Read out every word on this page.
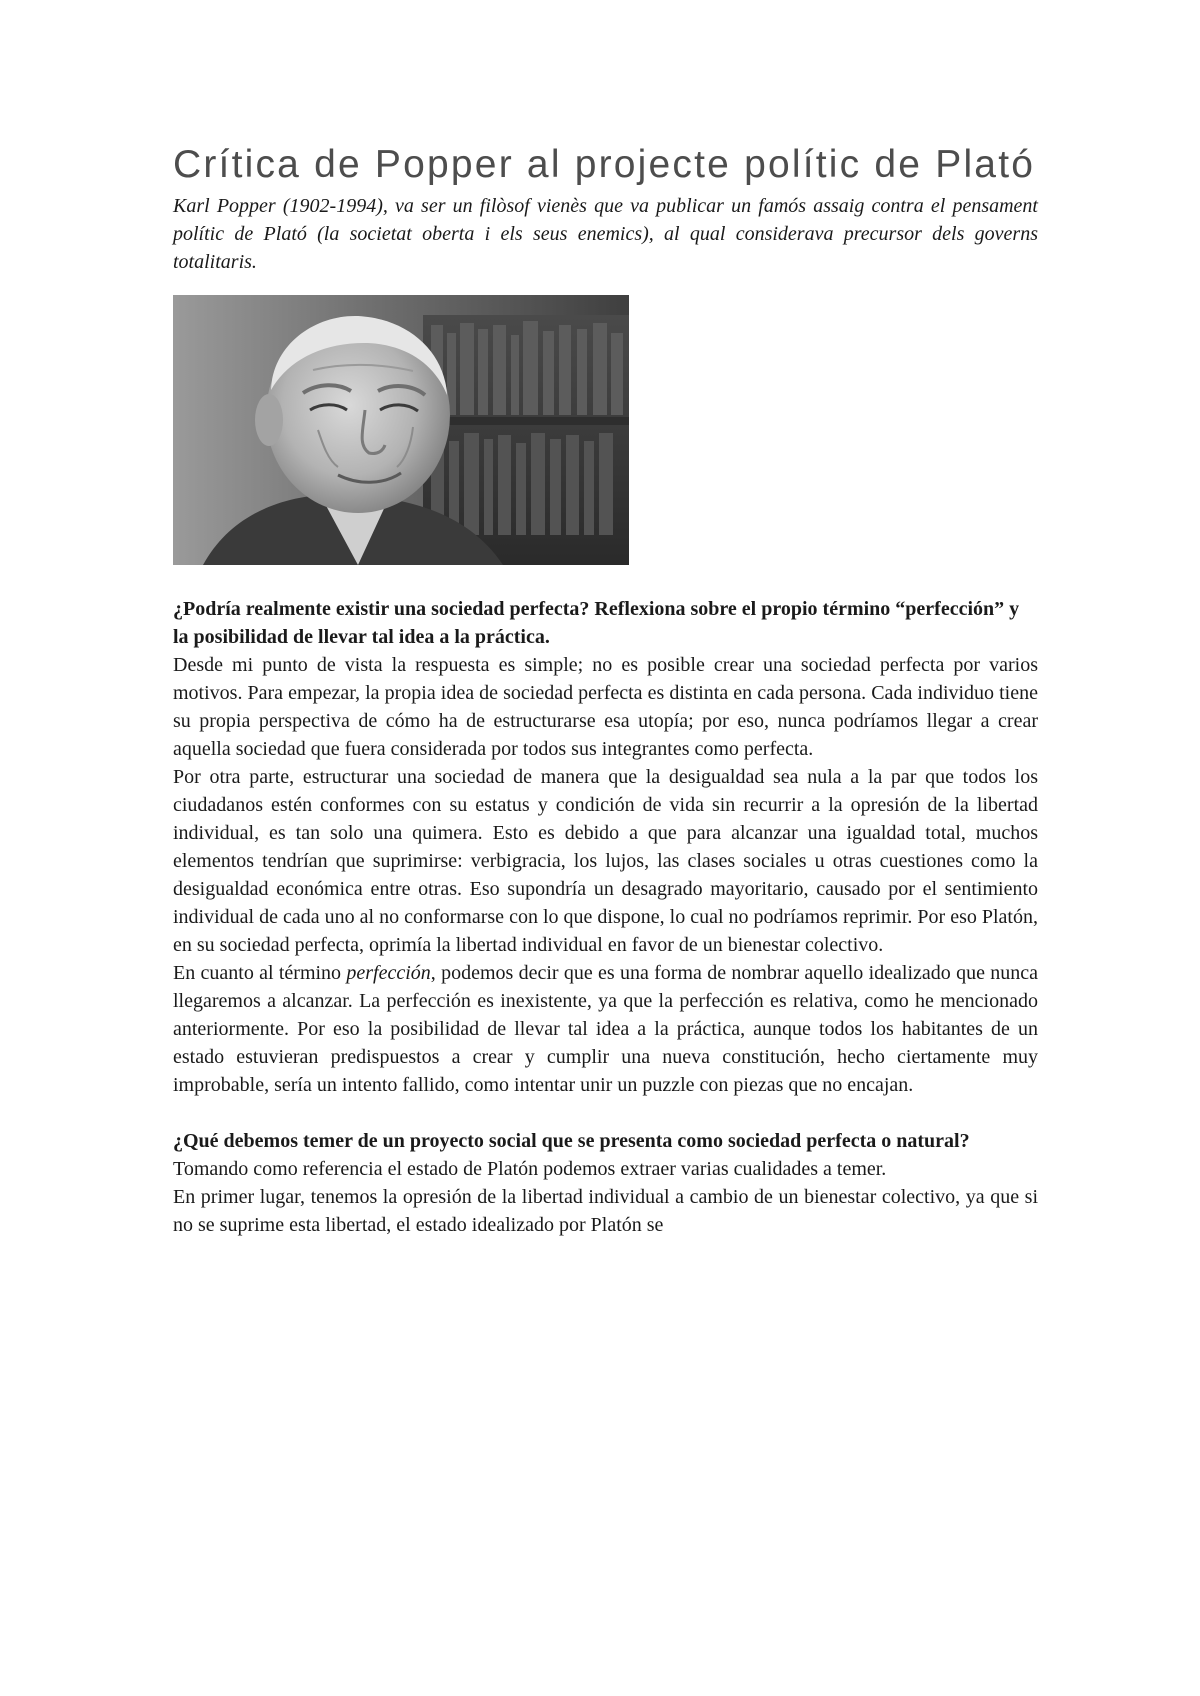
Crítica de Popper al projecte polític de Plató

Karl Popper (1902-1994), va ser un filòsof vienès que va publicar un famós assaig contra el pensament polític de Plató (la societat oberta i els seus enemics), al qual considerava precursor dels governs totalitaris.

¿Podría realmente existir una sociedad perfecta? Reflexiona sobre el propio término “perfección” y la posibilidad de llevar tal idea a la práctica.

Desde mi punto de vista la respuesta es simple; no es posible crear una sociedad perfecta por varios motivos. Para empezar, la propia idea de sociedad perfecta es distinta en cada persona. Cada individuo tiene su propia perspectiva de cómo ha de estructurarse esa utopía; por eso, nunca podríamos llegar a crear aquella sociedad que fuera considerada por todos sus integrantes como perfecta.

Por otra parte, estructurar una sociedad de manera que la desigualdad sea nula a la par que todos los ciudadanos estén conformes con su estatus y condición de vida sin recurrir a la opresión de la libertad individual, es tan solo una quimera. Esto es debido a que para alcanzar una igualdad total, muchos elementos tendrían que suprimirse: verbigracia, los lujos, las clases sociales u otras cuestiones como la desigualdad económica entre otras. Eso supondría un desagrado mayoritario, causado por el sentimiento individual de cada uno al no conformarse con lo que dispone, lo cual no podríamos reprimir. Por eso Platón, en su sociedad perfecta, oprimía la libertad individual en favor de un bienestar colectivo.

En cuanto al término perfección, podemos decir que es una forma de nombrar aquello idealizado que nunca llegaremos a alcanzar. La perfección es inexistente, ya que la perfección es relativa, como he mencionado anteriormente. Por eso la posibilidad de llevar tal idea a la práctica, aunque todos los habitantes de un estado estuvieran predispuestos a crear y cumplir una nueva constitución, hecho ciertamente muy improbable, sería un intento fallido, como intentar unir un puzzle con piezas que no encajan.

¿Qué debemos temer de un proyecto social que se presenta como sociedad perfecta o natural?

Tomando como referencia el estado de Platón podemos extraer varias cualidades a temer.

En primer lugar, tenemos la opresión de la libertad individual a cambio de un bienestar colectivo, ya que si no se suprime esta libertad, el estado idealizado por Platón se
